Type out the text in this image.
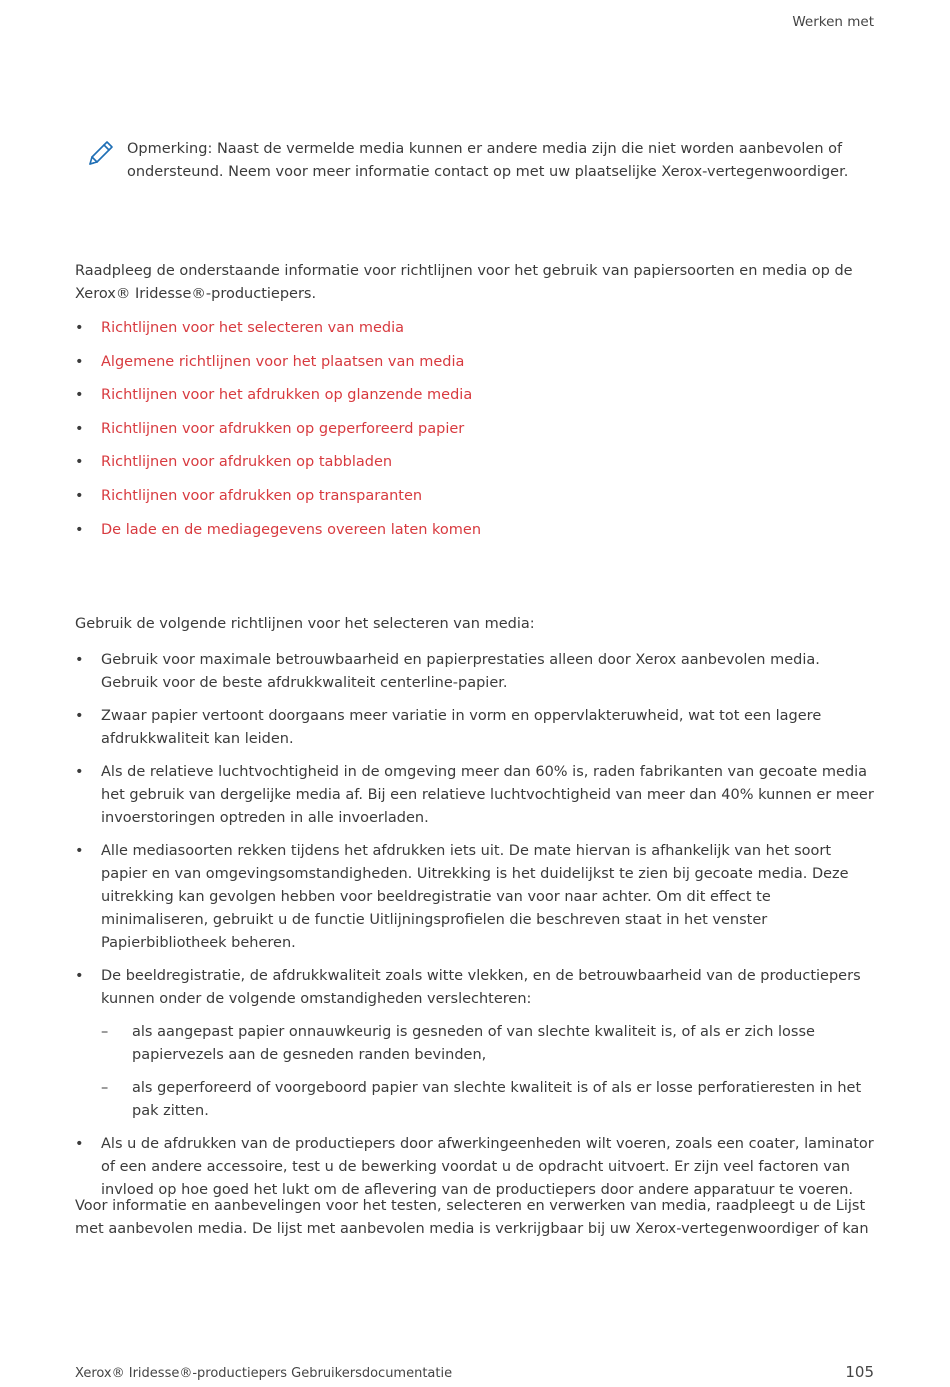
Werken met
Opmerking: Naast de vermelde media kunnen er andere media zijn die niet worden aanbevolen of ondersteund. Neem voor meer informatie contact op met uw plaatselijke Xerox-vertegenwoordiger.
Raadpleeg de onderstaande informatie voor richtlijnen voor het gebruik van papiersoorten en media op de Xerox® Iridesse®-productiepers.
• Richtlijnen voor het selecteren van media
• Algemene richtlijnen voor het plaatsen van media
• Richtlijnen voor het afdrukken op glanzende media
• Richtlijnen voor afdrukken op geperforeerd papier
• Richtlijnen voor afdrukken op tabbladen
• Richtlijnen voor afdrukken op transparanten
• De lade en de mediagegevens overeen laten komen
Gebruik de volgende richtlijnen voor het selecteren van media:
• Gebruik voor maximale betrouwbaarheid en papierprestaties alleen door Xerox aanbevolen media. Gebruik voor de beste afdrukkwaliteit centerline-papier.
• Zwaar papier vertoont doorgaans meer variatie in vorm en oppervlakteruwheid, wat tot een lagere afdrukkwaliteit kan leiden.
• Als de relatieve luchtvochtigheid in de omgeving meer dan 60% is, raden fabrikanten van gecoate media het gebruik van dergelijke media af. Bij een relatieve luchtvochtigheid van meer dan 40% kunnen er meer invoerstoringen optreden in alle invoerladen.
• Alle mediasoorten rekken tijdens het afdrukken iets uit. De mate hiervan is afhankelijk van het soort papier en van omgevingsomstandigheden. Uitrekking is het duidelijkst te zien bij gecoate media. Deze uitrekking kan gevolgen hebben voor beeldregistratie van voor naar achter. Om dit effect te minimaliseren, gebruikt u de functie Uitlijningsprofielen die beschreven staat in het venster Papierbibliotheek beheren.
• De beeldregistratie, de afdrukkwaliteit zoals witte vlekken, en de betrouwbaarheid van de productiepers kunnen onder de volgende omstandigheden verslechteren:
– als aangepast papier onnauwkeurig is gesneden of van slechte kwaliteit is, of als er zich losse papiervezels aan de gesneden randen bevinden,
– als geperforeerd of voorgeboord papier van slechte kwaliteit is of als er losse perforatieresten in het pak zitten.
• Als u de afdrukken van de productiepers door afwerkingeenheden wilt voeren, zoals een coater, laminator of een andere accessoire, test u de bewerking voordat u de opdracht uitvoert. Er zijn veel factoren van invloed op hoe goed het lukt om de aflevering van de productiepers door andere apparatuur te voeren.
Voor informatie en aanbevelingen voor het testen, selecteren en verwerken van media, raadpleegt u de Lijst met aanbevolen media. De lijst met aanbevolen media is verkrijgbaar bij uw Xerox-vertegenwoordiger of kan
Xerox® Iridesse®-productiepers Gebruikersdocumentatie	105
